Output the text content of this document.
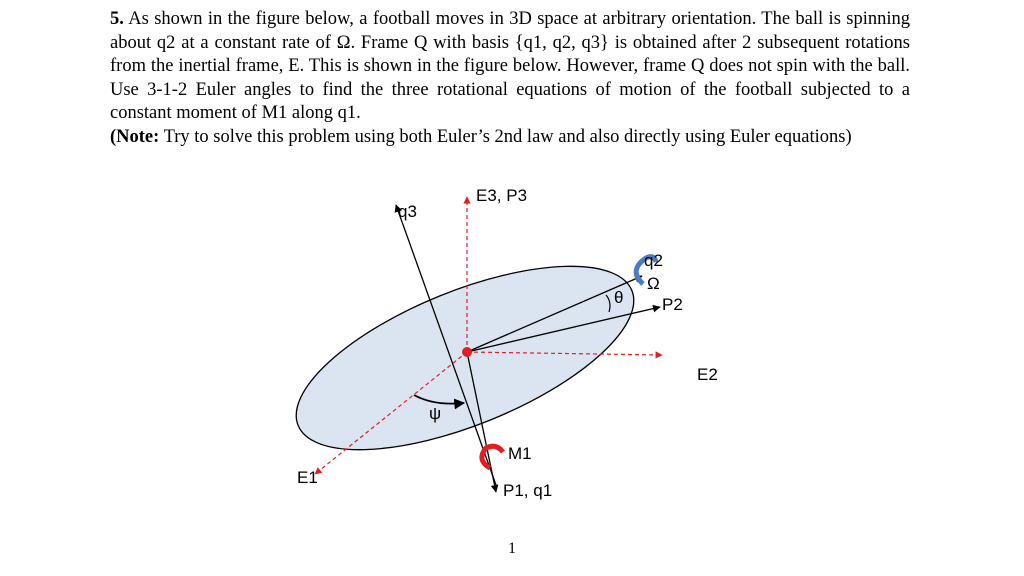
5. As shown in the figure below, a football moves in 3D space at arbitrary orientation. The ball is spinning about q2 at a constant rate of Ω. Frame Q with basis {q1, q2, q3} is obtained after 2 subsequent rotations from the inertial frame, E. This is shown in the figure below. However, frame Q does not spin with the ball. Use 3-1-2 Euler angles to find the three rotational equations of motion of the football subjected to a constant moment of M1 along q1.

(Note: Try to solve this problem using both Euler’s 2nd law and also directly using Euler equations)

q3
E3, P3
q2
Ω
P2
θ
E2
ψ
M1
P1, q1
E1
1
